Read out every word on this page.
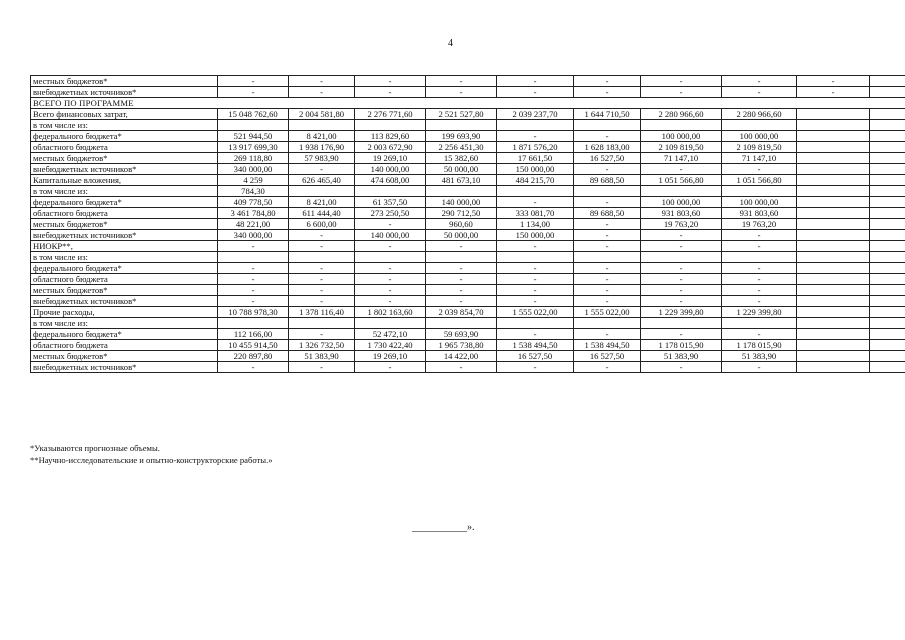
4
местных бюджетов*	-	-	-	-	-	-	-	-	-	
внебюджетных источников*	-	-	-	-	-	-	-	-	-	
ВСЕГО ПО ПРОГРАММЕ										
Всего финансовых затрат,	15 048 762,60	2 004 581,80	2 276 771,60	2 521 527,80	2 039 237,70	1 644 710,50	2 280 966,60	2 280 966,60		
в том числе из:										
федерального бюджета*	521 944,50	8 421,00	113 829,60	199 693,90	-	-	100 000,00	100 000,00		
областного бюджета	13 917 699,30	1 938 176,90	2 003 672,90	2 256 451,30	1 871 576,20	1 628 183,00	2 109 819,50	2 109 819,50		
местных бюджетов*	269 118,80	57 983,90	19 269,10	15 382,60	17 661,50	16 527,50	71 147,10	71 147,10		
внебюджетных источников*	340 000,00	-	140 000,00	50 000,00	150 000,00	-	-	-		
Капитальные вложения,	4 259	626 465,40	474 608,00	481 673,10	484 215,70	89 688,50	1 051 566,80	1 051 566,80		
в том числе из:	784,30									
федерального бюджета*	409 778,50	8 421,00	61 357,50	140 000,00	-	-	100 000,00	100 000,00		
областного бюджета	3 461 784,80	611 444,40	273 250,50	290 712,50	333 081,70	89 688,50	931 803,60	931 803,60		
местных бюджетов*	48 221,00	6 600,00	-	960,60	1 134,00	-	19 763,20	19 763,20		
внебюджетных источников*	340 000,00	-	140 000,00	50 000,00	150 000,00	-	-	-		
НИОКР**,	-	-	-	-	-	-	-	-		
в том числе из:										
федерального бюджета*	-	-	-	-	-	-	-	-		
областного бюджета	-	-	-	-	-	-	-	-		
местных бюджетов*	-	-	-	-	-	-	-	-		
внебюджетных источников*	-	-	-	-	-	-	-	-		
Прочие расходы,	10 788 978,30	1 378 116,40	1 802 163,60	2 039 854,70	1 555 022,00	1 555 022,00	1 229 399,80	1 229 399,80		
в том числе из:										
федерального бюджета*	112 166,00	-	52 472,10	59 693,90	-	-	-	-		
областного бюджета	10 455 914,50	1 326 732,50	1 730 422,40	1 965 738,80	1 538 494,50	1 538 494,50	1 178 015,90	1 178 015,90		
местных бюджетов*	220 897,80	51 383,90	19 269,10	14 422,00	16 527,50	16 527,50	51 383,90	51 383,90		
внебюджетных источников*	-	-	-	-	-	-	-	-		
*Указываются прогнозные объемы.
**Научно-исследовательские и опытно-конструкторские работы.»
___________».
